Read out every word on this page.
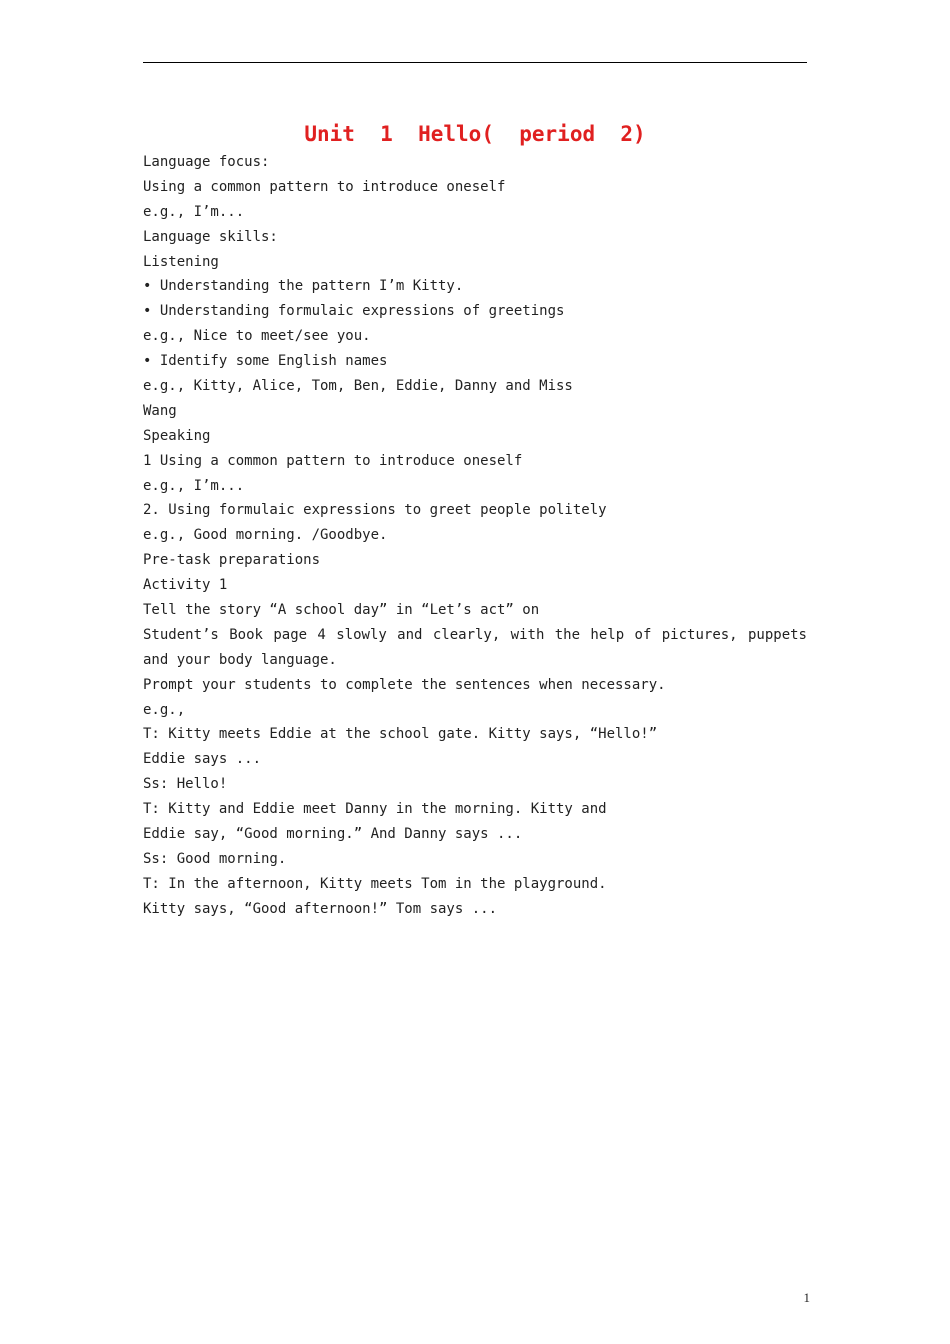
Unit  1  Hello(  period  2)
Language focus:
Using a common pattern to introduce oneself
e.g., I’m...
Language skills:
Listening
• Understanding the pattern I’m Kitty.
• Understanding formulaic expressions of greetings
e.g., Nice to meet/see you.
• Identify some English names
e.g., Kitty, Alice, Tom, Ben, Eddie, Danny and Miss
Wang
Speaking
1 Using a common pattern to introduce oneself
e.g., I’m...
2. Using formulaic expressions to greet people politely
e.g., Good morning. /Goodbye.
Pre-task preparations
Activity 1
Tell the story “A school day” in “Let’s act” on
Student’s Book page 4 slowly and clearly, with the help of pictures, puppets
and your body language.
Prompt your students to complete the sentences when necessary.
e.g.,
T: Kitty meets Eddie at the school gate. Kitty says, “Hello!”
Eddie says ...
Ss: Hello!
T: Kitty and Eddie meet Danny in the morning. Kitty and
Eddie say, “Good morning.” And Danny says ...
Ss: Good morning.
T: In the afternoon, Kitty meets Tom in the playground.
Kitty says, “Good afternoon!” Tom says ...
1
